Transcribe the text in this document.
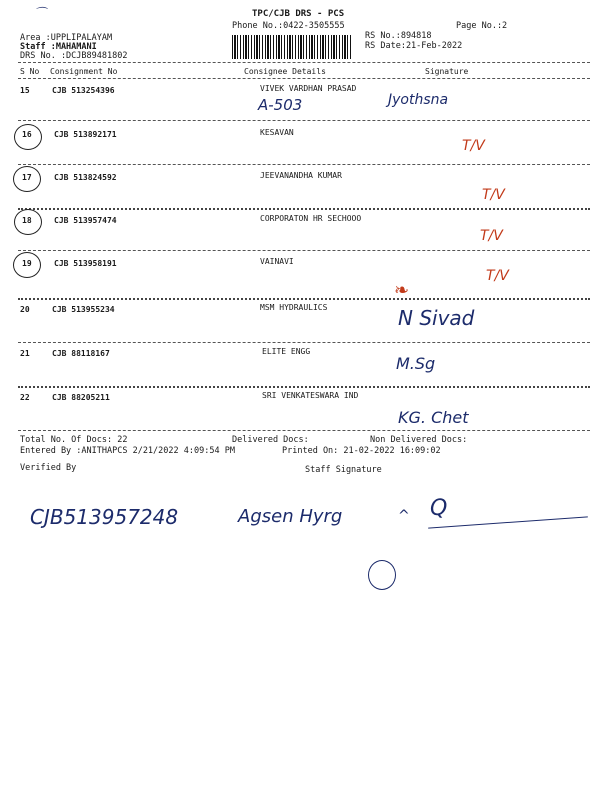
TPC/CJB DRS - PCS
Phone No.:0422-3505555	Page No.:2
RS No.:894818
RS Date:21-Feb-2022
Area :UPPLIPALAYAM
Staff :MAHAMANI
DRS No. :DCJB89481802
S No Consignment No	Consignee Details	Signature
15	CJB 513254396	VIVEK VARDHAN PRASAD
A-503	Jyothsna
16	CJB 513892171	KESAVAN
T/V
17	CJB 513824592	JEEVANANDHA KUMAR
T/V
18	CJB 513957474	CORPORATON HR SECHOOO
T/V
19	CJB 513958191	VAINAVI
T/V
❧
20	CJB 513955234	MSM HYDRAULICS	N Sivad
21	CJB 88118167	ELITE ENGG
M.Sg
22	CJB 88205211	SRI VENKATESWARA IND
KG. Chet
Total No. Of Docs: 22	Delivered Docs:	Non Delivered Docs:
Entered By :ANITHAPCS 2/21/2022 4:09:54 PM	Printed On: 21-02-2022 16:09:02
Verified By	Staff Signature
CJB513957248	Agsen Hyrg	^ Q
⌒
